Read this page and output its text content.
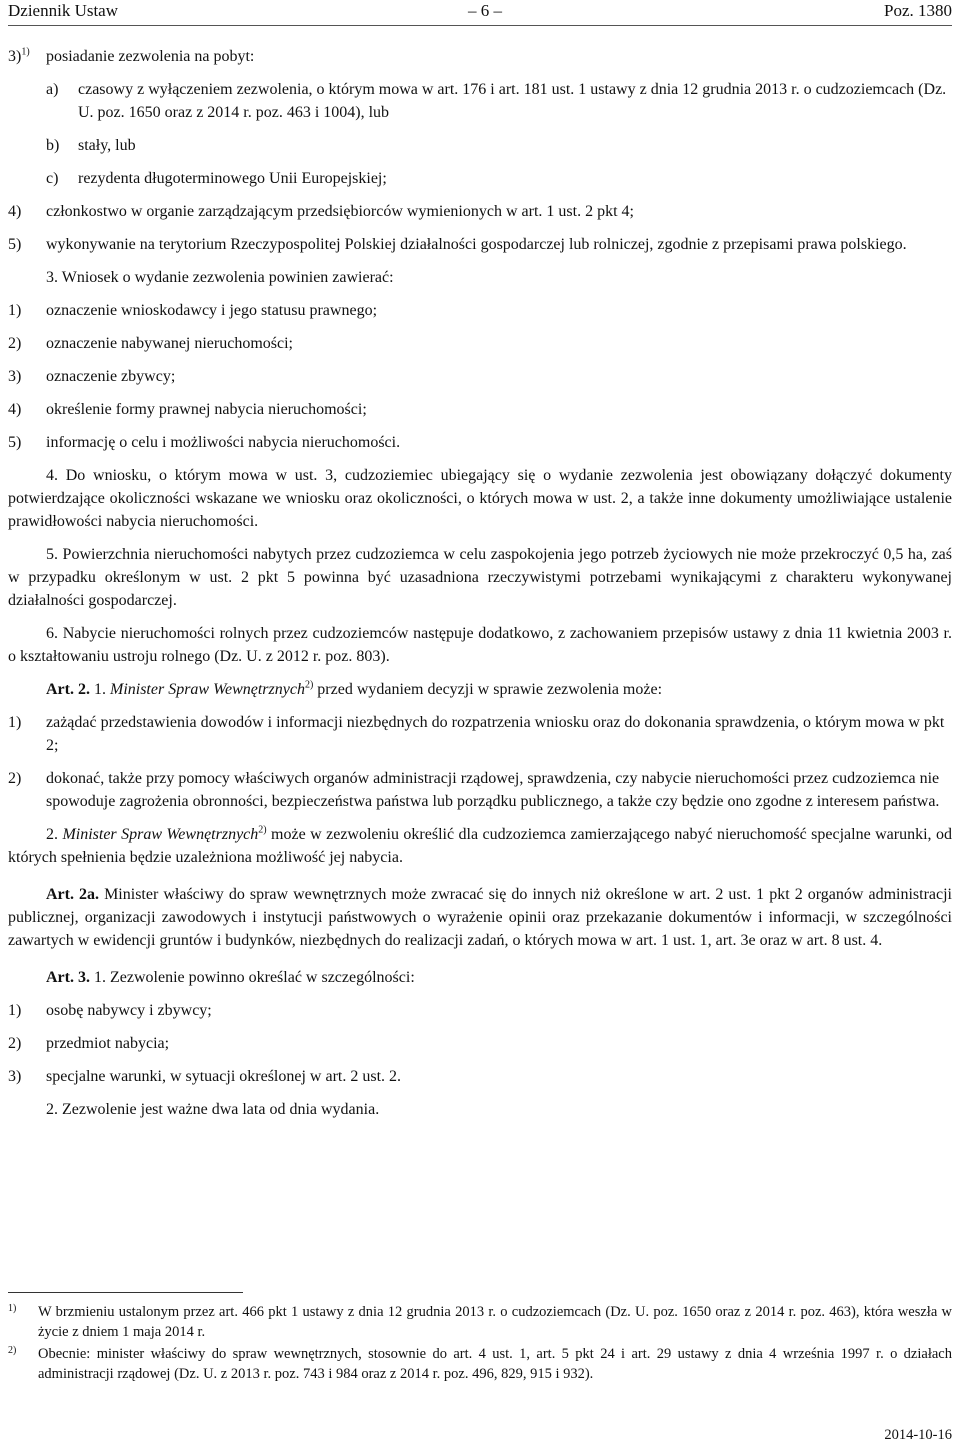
Dziennik Ustaw	– 6 –	Poz. 1380
3)$^{1)}$	posiadanie zezwolenia na pobyt:
a)	czasowy z wyłączeniem zezwolenia, o którym mowa w art. 176 i art. 181 ust. 1 ustawy z dnia 12 grudnia 2013 r. o cudzoziemcach (Dz. U. poz. 1650 oraz z 2014 r. poz. 463 i 1004), lub
b)	stały, lub
c)	rezydenta długoterminowego Unii Europejskiej;
4)	członkostwo w organie zarządzającym przedsiębiorców wymienionych w art. 1 ust. 2 pkt 4;
5)	wykonywanie na terytorium Rzeczypospolitej Polskiej działalności gospodarczej lub rolniczej, zgodnie z przepisami prawa polskiego.

3. Wniosek o wydanie zezwolenia powinien zawierać:

1)	oznaczenie wnioskodawcy i jego statusu prawnego;
2)	oznaczenie nabywanej nieruchomości;
3)	oznaczenie zbywcy;
4)	określenie formy prawnej nabycia nieruchomości;
5)	informację o celu i możliwości nabycia nieruchomości.

4. Do wniosku, o którym mowa w ust. 3, cudzoziemiec ubiegający się o wydanie zezwolenia jest obowiązany dołączyć dokumenty potwierdzające okoliczności wskazane we wniosku oraz okoliczności, o których mowa w ust. 2, a także inne dokumenty umożliwiające ustalenie prawidłowości nabycia nieruchomości.

5. Powierzchnia nieruchomości nabytych przez cudzoziemca w celu zaspokojenia jego potrzeb życiowych nie może przekroczyć 0,5 ha, zaś w przypadku określonym w ust. 2 pkt 5 powinna być uzasadniona rzeczywistymi potrzebami wynikającymi z charakteru wykonywanej działalności gospodarczej.

6. Nabycie nieruchomości rolnych przez cudzoziemców następuje dodatkowo, z zachowaniem przepisów ustawy z dnia 11 kwietnia 2003 r. o kształtowaniu ustroju rolnego (Dz. U. z 2012 r. poz. 803).

Art. 2. 1. Minister Spraw Wewnętrznych$^{2)}$ przed wydaniem decyzji w sprawie zezwolenia może:

1)	zażądać przedstawienia dowodów i informacji niezbędnych do rozpatrzenia wniosku oraz do dokonania sprawdzenia, o którym mowa w pkt 2;
2)	dokonać, także przy pomocy właściwych organów administracji rządowej, sprawdzenia, czy nabycie nieruchomości przez cudzoziemca nie spowoduje zagrożenia obronności, bezpieczeństwa państwa lub porządku publicznego, a także czy będzie ono zgodne z interesem państwa.

2. Minister Spraw Wewnętrznych$^{2)}$ może w zezwoleniu określić dla cudzoziemca zamierzającego nabyć nieruchomość specjalne warunki, od których spełnienia będzie uzależniona możliwość jej nabycia.

Art. 2a. Minister właściwy do spraw wewnętrznych może zwracać się do innych niż określone w art. 2 ust. 1 pkt 2 organów administracji publicznej, organizacji zawodowych i instytucji państwowych o wyrażenie opinii oraz przekazanie dokumentów i informacji, w szczególności zawartych w ewidencji gruntów i budynków, niezbędnych do realizacji zadań, o których mowa w art. 1 ust. 1, art. 3e oraz w art. 8 ust. 4.

Art. 3. 1. Zezwolenie powinno określać w szczególności:

1)	osobę nabywcy i zbywcy;
2)	przedmiot nabycia;
3)	specjalne warunki, w sytuacji określonej w art. 2 ust. 2.

2. Zezwolenie jest ważne dwa lata od dnia wydania.

1)	W brzmieniu ustalonym przez art. 466 pkt 1 ustawy z dnia 12 grudnia 2013 r. o cudzoziemcach (Dz. U. poz. 1650 oraz z 2014 r. poz. 463), która weszła w życie z dniem 1 maja 2014 r.
2)	Obecnie: minister właściwy do spraw wewnętrznych, stosownie do art. 4 ust. 1, art. 5 pkt 24 i art. 29 ustawy z dnia 4 września 1997 r. o działach administracji rządowej (Dz. U. z 2013 r. poz. 743 i 984 oraz z 2014 r. poz. 496, 829, 915 i 932).
2014-10-16
